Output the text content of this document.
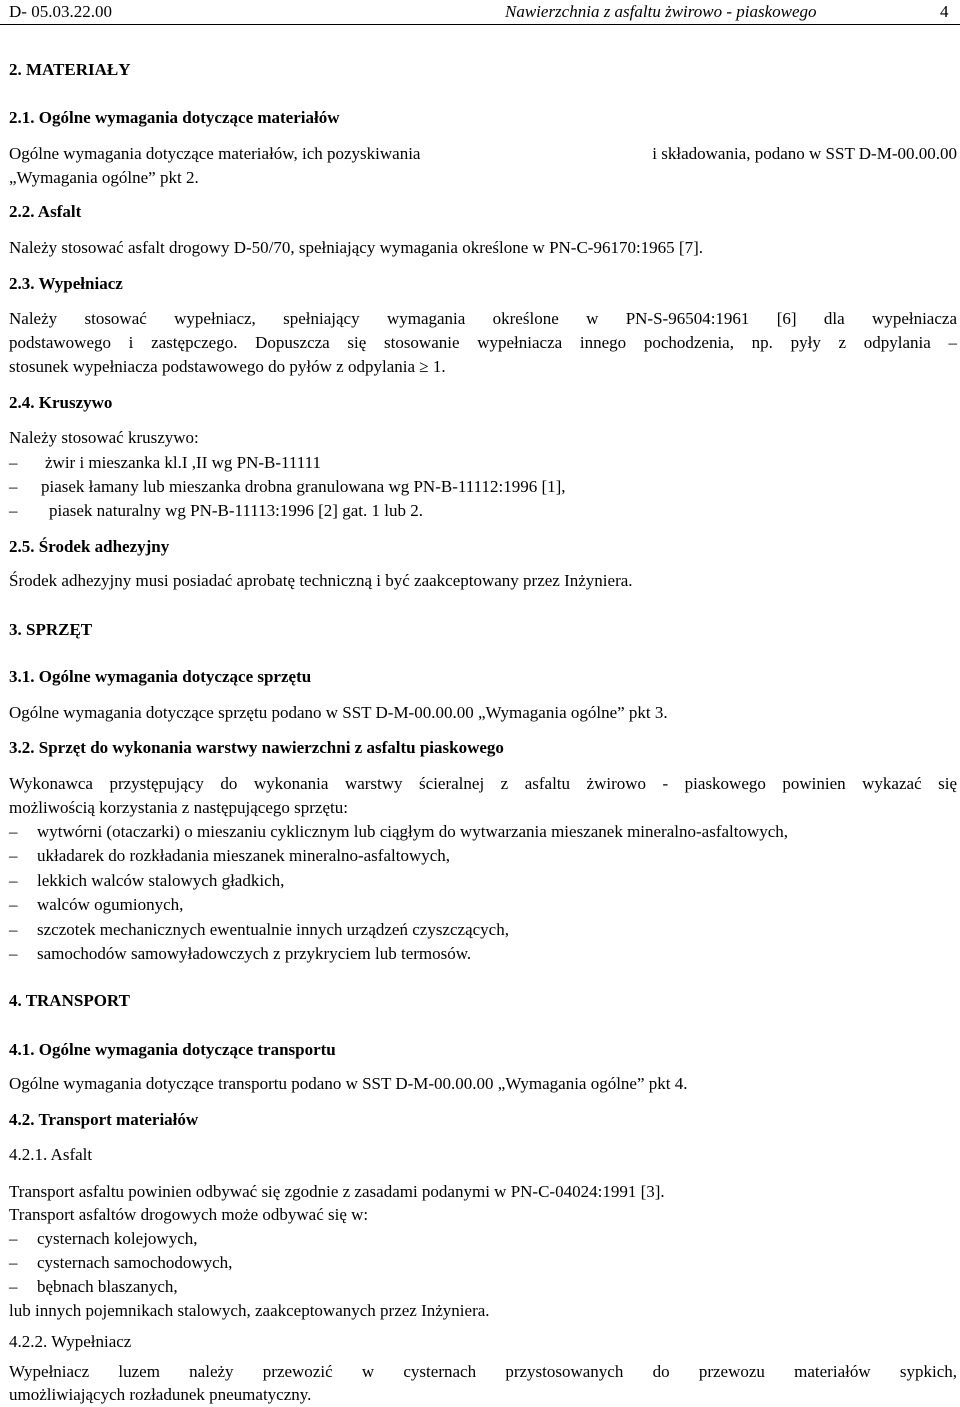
D- 05.03.22.00	Nawierzchnia z asfaltu żwirowo - piaskowego	4

2. MATERIAŁY

2.1. Ogólne wymagania dotyczące materiałów

Ogólne wymagania dotyczące materiałów, ich pozyskiwania	i składowania, podano w SST D-M-00.00.00

„Wymagania ogólne” pkt 2.

2.2. Asfalt

Należy stosować asfalt drogowy D-50/70, spełniający wymagania określone w PN-C-96170:1965 [7].

2.3. Wypełniacz

Należy stosować wypełniacz, spełniający wymagania określone w PN-S-96504:1961 [6] dla wypełniacza

podstawowego i zastępczego. Dopuszcza się stosowanie wypełniacza innego pochodzenia, np. pyły z odpylania –

stosunek wypełniacza podstawowego do pyłów z odpylania ≥ 1.

2.4. Kruszywo

Należy stosować kruszywo:

–	żwir i mieszanka kl.I ,II wg PN-B-11111
–	piasek łamany lub mieszanka drobna granulowana wg PN-B-11112:1996 [1],
–	piasek naturalny wg PN-B-11113:1996 [2] gat. 1 lub 2.

2.5. Środek adhezyjny

Środek adhezyjny musi posiadać aprobatę techniczną i być zaakceptowany przez Inżyniera.

3. SPRZĘT

3.1. Ogólne wymagania dotyczące sprzętu

Ogólne wymagania dotyczące sprzętu podano w SST D-M-00.00.00 „Wymagania ogólne” pkt 3.

3.2. Sprzęt do wykonania warstwy nawierzchni z asfaltu piaskowego

Wykonawca przystępujący do wykonania warstwy ścieralnej z asfaltu żwirowo - piaskowego powinien wykazać się

możliwością korzystania z następującego sprzętu:

–	wytwórni (otaczarki) o mieszaniu cyklicznym lub ciągłym do wytwarzania mieszanek mineralno-asfaltowych,
–	układarek do rozkładania mieszanek mineralno-asfaltowych,
–	lekkich walców stalowych gładkich,
–	walców ogumionych,
–	szczotek mechanicznych ewentualnie innych urządzeń czyszczących,
–	samochodów samowyładowczych z przykryciem lub termosów.

4. TRANSPORT

4.1. Ogólne wymagania dotyczące transportu

Ogólne wymagania dotyczące transportu podano w SST D-M-00.00.00 „Wymagania ogólne” pkt 4.

4.2. Transport materiałów

4.2.1. Asfalt

Transport asfaltu powinien odbywać się zgodnie z zasadami podanymi w PN-C-04024:1991 [3].

Transport asfaltów drogowych może odbywać się w:

–	cysternach kolejowych,
–	cysternach samochodowych,
–	bębnach blaszanych,

lub innych pojemnikach stalowych, zaakceptowanych przez Inżyniera.

4.2.2. Wypełniacz

Wypełniacz luzem należy przewozić w cysternach przystosowanych do przewozu materiałów sypkich,

umożliwiających rozładunek pneumatyczny.
